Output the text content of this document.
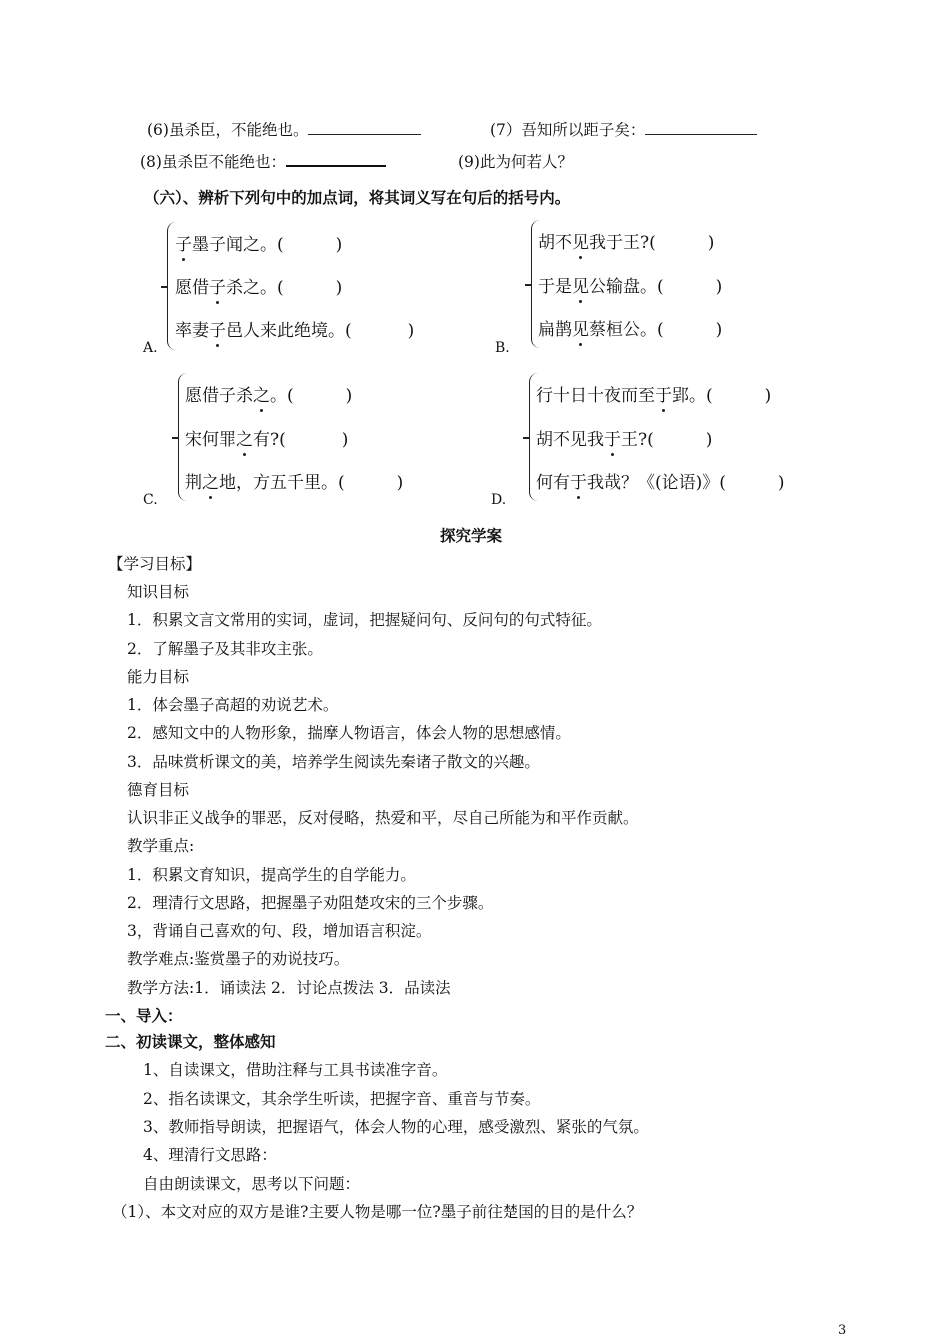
(6)虽杀臣，不能绝也。	(7）吾知所以距子矣：
(8)虽杀臣不能绝也：	(9)此为何若人？
（六）、辨析下列句中的加点词，将其词义写在句后的括号内。
子墨子闻之。(	)
愿借子杀之。(	)
率妻子邑人来此绝境。(	)
A.
胡不见我于王?(	)
于是见公输盘。(	)
扁鹊见蔡桓公。(	)
B.
愿借子杀之。(	)
宋何罪之有?(	)
荆之地，方五千里。(	)
C.
行十日十夜而至于郢。(	)
胡不见我于王?(	)
何有于我哉？《(论语)》(	)
D.
探究学案
【学习目标】
知识目标
1．积累文言文常用的实词，虚词，把握疑问句、反问句的句式特征。
2．了解墨子及其非攻主张。
能力目标
1．体会墨子高超的劝说艺术。
2．感知文中的人物形象，揣摩人物语言，体会人物的思想感情。
3．品味赏析课文的美，培养学生阅读先秦诸子散文的兴趣。
德育目标
认识非正义战争的罪恶，反对侵略，热爱和平，尽自己所能为和平作贡献。
教学重点:
1．积累文育知识，提高学生的自学能力。
2．理清行文思路，把握墨子劝阻楚攻宋的三个步骤。
3，背诵自己喜欢的句、段，增加语言积淀。
教学难点:鉴赏墨子的劝说技巧。
教学方法:1．诵读法 2．讨论点拨法 3．品读法
一、导入：
二、初读课文，整体感知
1、自读课文，借助注释与工具书读准字音。
2、指名读课文，其余学生听读，把握字音、重音与节奏。
3、教师指导朗读，把握语气，体会人物的心理，感受激烈、紧张的气氛。
4、理清行文思路：
自由朗读课文，思考以下问题：
（1）、本文对应的双方是谁?主要人物是哪一位?墨子前往楚国的目的是什么？
3
